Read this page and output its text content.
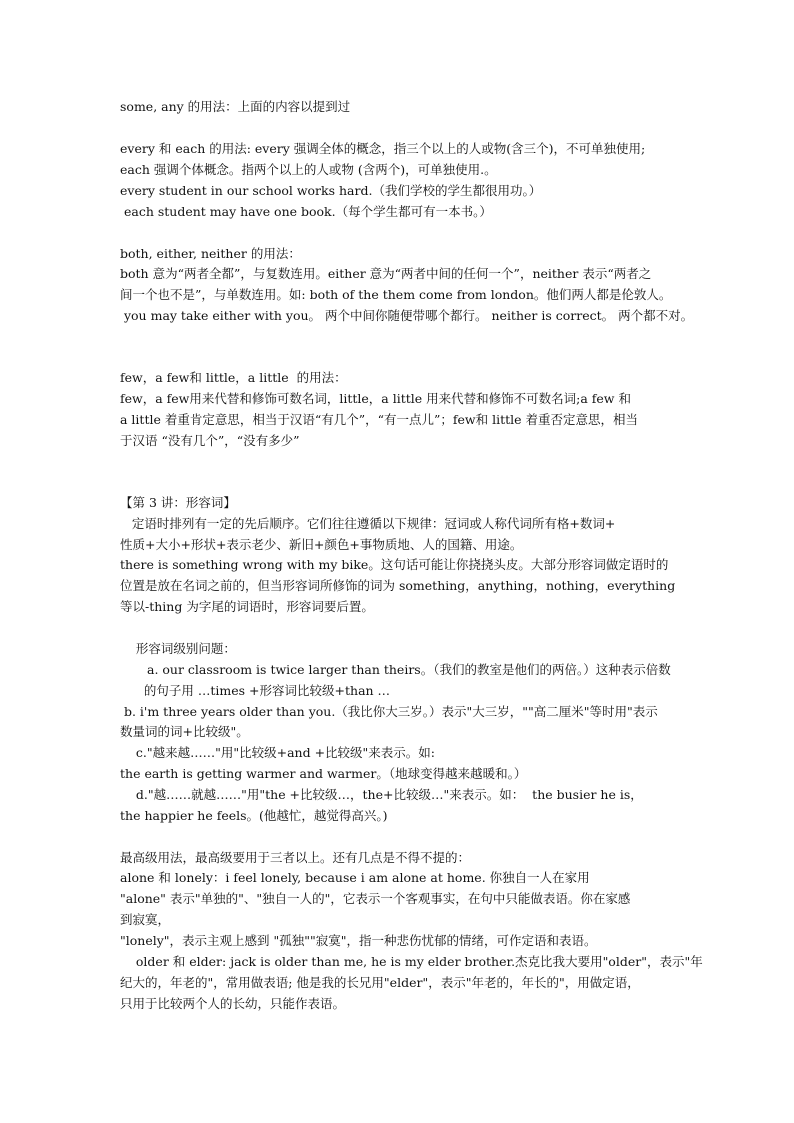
some, any 的用法：上面的内容以提到过
every 和 each 的用法: every 强调全体的概念，指三个以上的人或物(含三个)，不可单独使用;
each 强调个体概念。指两个以上的人或物 (含两个)，可单独使用.。
every student in our school works hard.（我们学校的学生都很用功。）
each student may have one book.（每个学生都可有一本书。）
both, either, neither 的用法：
both 意为“两者全都”，与复数连用。either 意为“两者中间的任何一个”，neither 表示“两者之
间一个也不是”，与单数连用。如: both of the them come from london。他们两人都是伦敦人。
you may take either with you。 两个中间你随便带哪个都行。 neither is correct。 两个都不对。
few，a few和 little，a little  的用法：
few，a few用来代替和修饰可数名词，little，a little 用来代替和修饰不可数名词;a few 和
a little 着重肯定意思，相当于汉语“有几个”，“有一点儿”；few和 little 着重否定意思，相当
于汉语 “没有几个”，“没有多少”
【第 3 讲：形容词】
定语时排列有一定的先后顺序。它们往往遵循以下规律：冠词或人称代词所有格+数词+
性质+大小+形状+表示老少、新旧+颜色+事物质地、人的国籍、用途。
there is something wrong with my bike。这句话可能让你挠挠头皮。大部分形容词做定语时的
位置是放在名词之前的，但当形容词所修饰的词为 something，anything，nothing，everything
等以-thing 为字尾的词语时，形容词要后置。
形容词级别问题：
a. our classroom is twice larger than theirs。（我们的教室是他们的两倍。）这种表示倍数
的句子用 …times +形容词比较级+than …
b. i'm three years older than you.（我比你大三岁。）表示"大三岁，""高二厘米"等时用"表示
数量词的词+比较级"。
c."越来越……"用"比较级+and +比较级"来表示。如:
the earth is getting warmer and warmer。（地球变得越来越暖和。）
d."越……就越……"用"the +比较级…，the+比较级…"来表示。如：  the busier he is，
the happier he feels。(他越忙，越觉得高兴。)
最高级用法，最高级要用于三者以上。还有几点是不得不提的：
alone 和 lonely：i feel lonely, because i am alone at home. 你独自一人在家用
"alone" 表示"单独的"、"独自一人的"，它表示一个客观事实，在句中只能做表语。你在家感
到寂寞，
"lonely"，表示主观上感到 "孤独""寂寞"，指一种悲伤忧郁的情绪，可作定语和表语。
older 和 elder: jack is older than me, he is my elder brother.杰克比我大要用"older"，表示"年
纪大的，年老的"，常用做表语; 他是我的长兄用"elder"，表示"年老的，年长的"，用做定语，
只用于比较两个人的长幼，只能作表语。
